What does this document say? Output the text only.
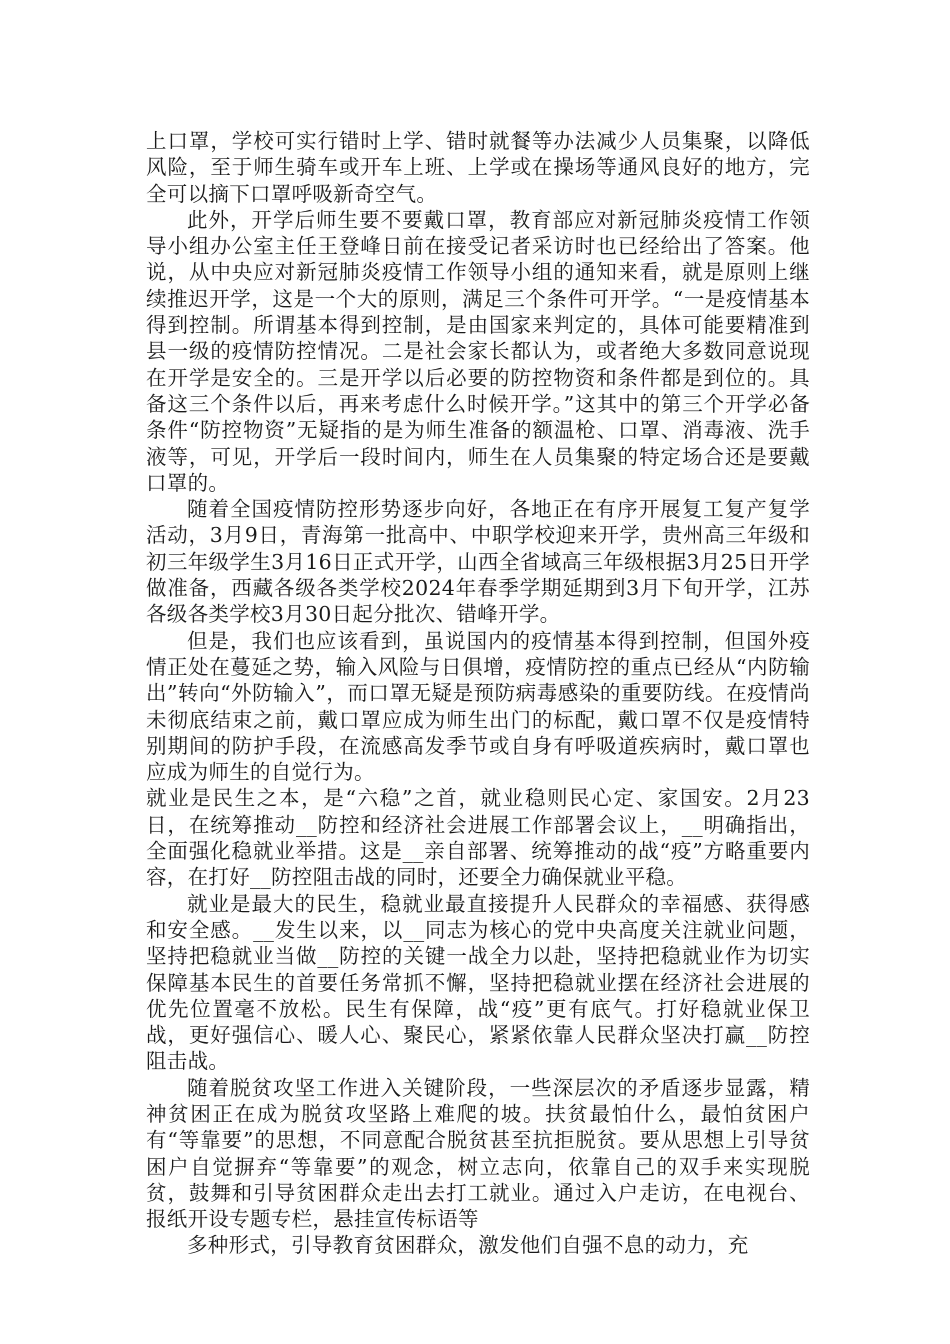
上口罩，学校可实行错时上学、错时就餐等办法减少人员集聚，以降低风险，至于师生骑车或开车上班、上学或在操场等通风良好的地方，完全可以摘下口罩呼吸新奇空气。

此外，开学后师生要不要戴口罩，教育部应对新冠肺炎疫情工作领导小组办公室主任王登峰日前在接受记者采访时也已经给出了答案。他说，从中央应对新冠肺炎疫情工作领导小组的通知来看，就是原则上继续推迟开学，这是一个大的原则，满足三个条件可开学。“一是疫情基本得到控制。所谓基本得到控制，是由国家来判定的，具体可能要精准到县一级的疫情防控情况。二是社会家长都认为，或者绝大多数同意说现在开学是安全的。三是开学以后必要的防控物资和条件都是到位的。具备这三个条件以后，再来考虑什么时候开学。”这其中的第三个开学必备条件“防控物资”无疑指的是为师生准备的额温枪、口罩、消毒液、洗手液等，可见，开学后一段时间内，师生在人员集聚的特定场合还是要戴口罩的。

随着全国疫情防控形势逐步向好，各地正在有序开展复工复产复学活动，3月9日，青海第一批高中、中职学校迎来开学，贵州高三年级和初三年级学生3月16日正式开学，山西全省域高三年级根据3月25日开学做准备，西藏各级各类学校2024年春季学期延期到3月下旬开学，江苏各级各类学校3月30日起分批次、错峰开学。

但是，我们也应该看到，虽说国内的疫情基本得到控制，但国外疫情正处在蔓延之势，输入风险与日俱增，疫情防控的重点已经从“内防输出”转向“外防输入”，而口罩无疑是预防病毒感染的重要防线。在疫情尚未彻底结束之前，戴口罩应成为师生出门的标配，戴口罩不仅是疫情特别期间的防护手段，在流感高发季节或自身有呼吸道疾病时，戴口罩也应成为师生的自觉行为。

就业是民生之本，是“六稳”之首，就业稳则民心定、家国安。2月23日，在统筹推动__防控和经济社会进展工作部署会议上，__明确指出，全面强化稳就业举措。这是__亲自部署、统筹推动的战“疫”方略重要内容，在打好__防控阻击战的同时，还要全力确保就业平稳。

就业是最大的民生，稳就业最直接提升人民群众的幸福感、获得感和安全感。__发生以来，以__同志为核心的党中央高度关注就业问题，坚持把稳就业当做__防控的关键一战全力以赴，坚持把稳就业作为切实保障基本民生的首要任务常抓不懈，坚持把稳就业摆在经济社会进展的优先位置毫不放松。民生有保障，战“疫”更有底气。打好稳就业保卫战，更好强信心、暖人心、聚民心，紧紧依靠人民群众坚决打赢__防控阻击战。

随着脱贫攻坚工作进入关键阶段，一些深层次的矛盾逐步显露，精神贫困正在成为脱贫攻坚路上难爬的坡。扶贫最怕什么，最怕贫困户有“等靠要”的思想，不同意配合脱贫甚至抗拒脱贫。要从思想上引导贫困户自觉摒弃“等靠要”的观念，树立志向，依靠自己的双手来实现脱贫，鼓舞和引导贫困群众走出去打工就业。通过入户走访，在电视台、报纸开设专题专栏，悬挂宣传标语等

多种形式，引导教育贫困群众，激发他们自强不息的动力，充
